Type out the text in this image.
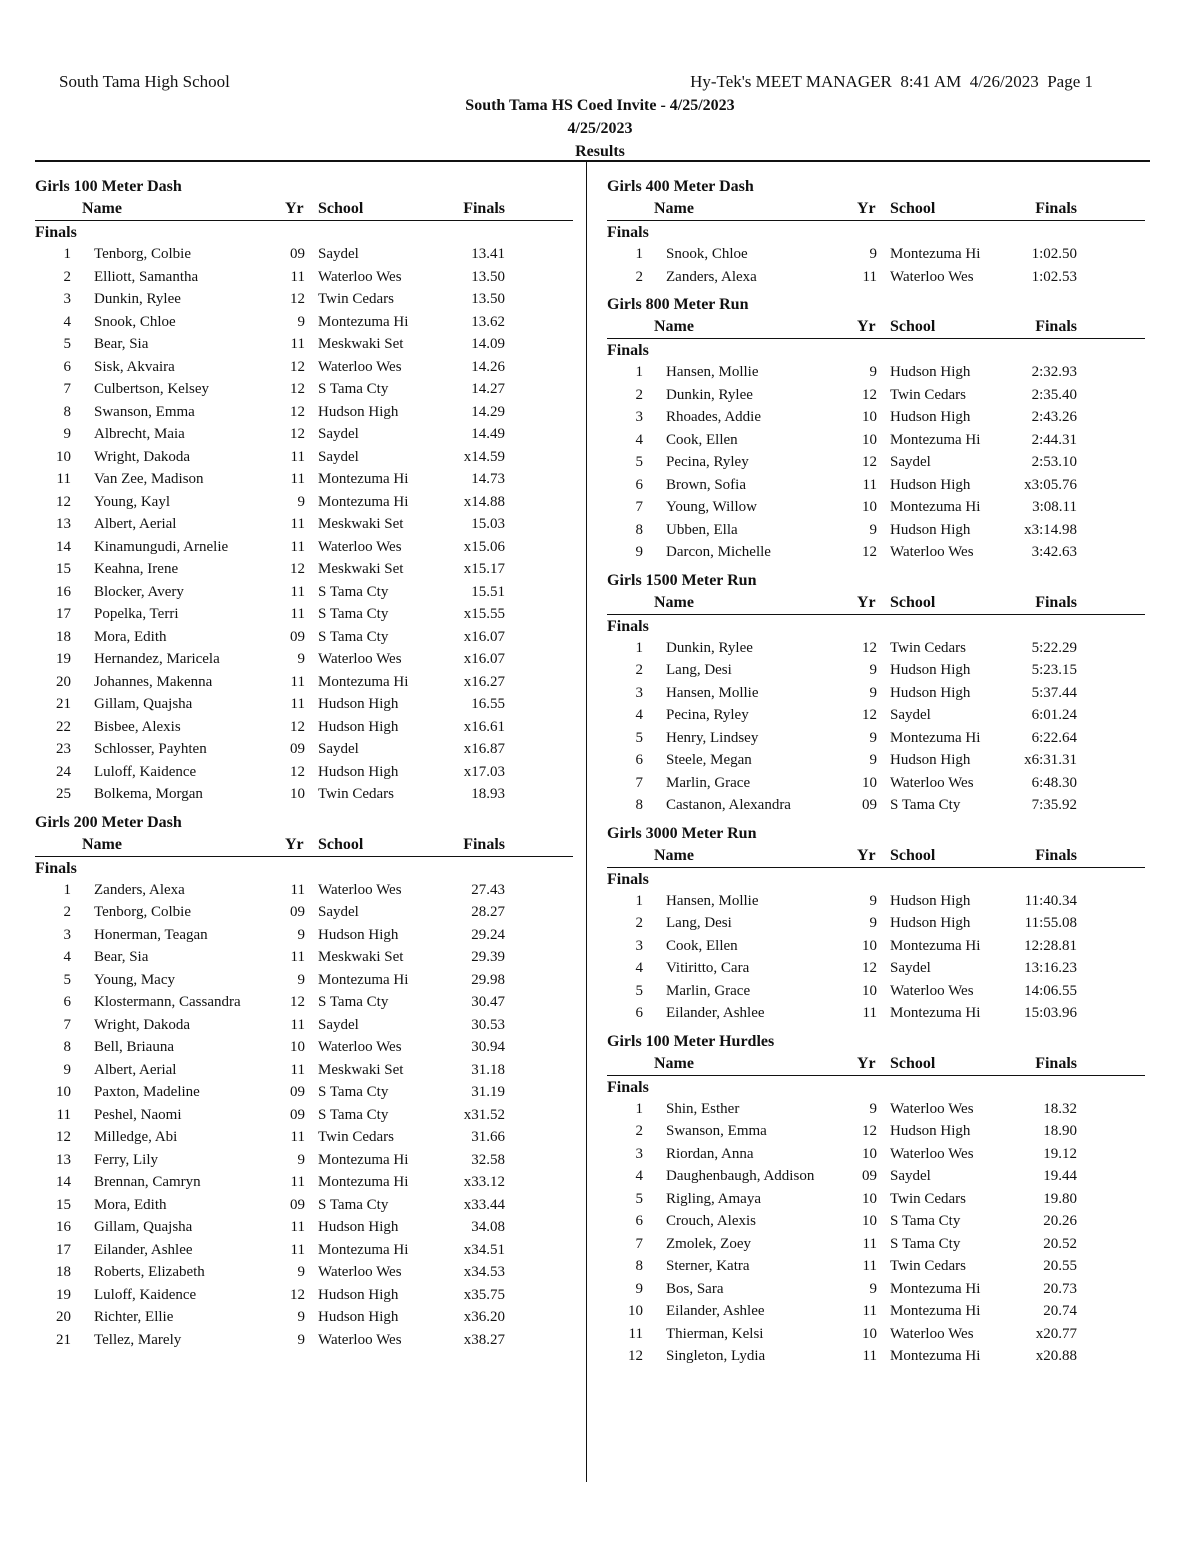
South Tama High School	Hy-Tek's MEET MANAGER  8:41 AM  4/26/2023  Page 1
South Tama HS Coed Invite - 4/25/2023
4/25/2023
Results
Girls 100 Meter Dash
Name	Yr School	Finals
Finals
1 Tenborg, Colbie	09 Saydel	13.41
2 Elliott, Samantha	11 Waterloo Wes	13.50
3 Dunkin, Rylee	12 Twin Cedars	13.50
4 Snook, Chloe	9 Montezuma Hi	13.62
5 Bear, Sia	11 Meskwaki Set	14.09
6 Sisk, Akvaira	12 Waterloo Wes	14.26
7 Culbertson, Kelsey	12 S Tama Cty	14.27
8 Swanson, Emma	12 Hudson High	14.29
9 Albrecht, Maia	12 Saydel	14.49
10 Wright, Dakoda	11 Saydel	x14.59
11 Van Zee, Madison	11 Montezuma Hi	14.73
12 Young, Kayl	9 Montezuma Hi	x14.88
13 Albert, Aerial	11 Meskwaki Set	15.03
14 Kinamungudi, Arnelie	11 Waterloo Wes	x15.06
15 Keahna, Irene	12 Meskwaki Set	x15.17
16 Blocker, Avery	11 S Tama Cty	15.51
17 Popelka, Terri	11 S Tama Cty	x15.55
18 Mora, Edith	09 S Tama Cty	x16.07
19 Hernandez, Maricela	9 Waterloo Wes	x16.07
20 Johannes, Makenna	11 Montezuma Hi	x16.27
21 Gillam, Quajsha	11 Hudson High	16.55
22 Bisbee, Alexis	12 Hudson High	x16.61
23 Schlosser, Payhten	09 Saydel	x16.87
24 Luloff, Kaidence	12 Hudson High	x17.03
25 Bolkema, Morgan	10 Twin Cedars	18.93
Girls 200 Meter Dash
Name	Yr School	Finals
Finals
1 Zanders, Alexa	11 Waterloo Wes	27.43
2 Tenborg, Colbie	09 Saydel	28.27
3 Honerman, Teagan	9 Hudson High	29.24
4 Bear, Sia	11 Meskwaki Set	29.39
5 Young, Macy	9 Montezuma Hi	29.98
6 Klostermann, Cassandra	12 S Tama Cty	30.47
7 Wright, Dakoda	11 Saydel	30.53
8 Bell, Briauna	10 Waterloo Wes	30.94
9 Albert, Aerial	11 Meskwaki Set	31.18
10 Paxton, Madeline	09 S Tama Cty	31.19
11 Peshel, Naomi	09 S Tama Cty	x31.52
12 Milledge, Abi	11 Twin Cedars	31.66
13 Ferry, Lily	9 Montezuma Hi	32.58
14 Brennan, Camryn	11 Montezuma Hi	x33.12
15 Mora, Edith	09 S Tama Cty	x33.44
16 Gillam, Quajsha	11 Hudson High	34.08
17 Eilander, Ashlee	11 Montezuma Hi	x34.51
18 Roberts, Elizabeth	9 Waterloo Wes	x34.53
19 Luloff, Kaidence	12 Hudson High	x35.75
20 Richter, Ellie	9 Hudson High	x36.20
21 Tellez, Marely	9 Waterloo Wes	x38.27
Girls 400 Meter Dash
Name	Yr School	Finals
Finals
1 Snook, Chloe	9 Montezuma Hi	1:02.50
2 Zanders, Alexa	11 Waterloo Wes	1:02.53
Girls 800 Meter Run
Name	Yr School	Finals
Finals
1 Hansen, Mollie	9 Hudson High	2:32.93
2 Dunkin, Rylee	12 Twin Cedars	2:35.40
3 Rhoades, Addie	10 Hudson High	2:43.26
4 Cook, Ellen	10 Montezuma Hi	2:44.31
5 Pecina, Ryley	12 Saydel	2:53.10
6 Brown, Sofia	11 Hudson High	x3:05.76
7 Young, Willow	10 Montezuma Hi	3:08.11
8 Ubben, Ella	9 Hudson High	x3:14.98
9 Darcon, Michelle	12 Waterloo Wes	3:42.63
Girls 1500 Meter Run
Name	Yr School	Finals
Finals
1 Dunkin, Rylee	12 Twin Cedars	5:22.29
2 Lang, Desi	9 Hudson High	5:23.15
3 Hansen, Mollie	9 Hudson High	5:37.44
4 Pecina, Ryley	12 Saydel	6:01.24
5 Henry, Lindsey	9 Montezuma Hi	6:22.64
6 Steele, Megan	9 Hudson High	x6:31.31
7 Marlin, Grace	10 Waterloo Wes	6:48.30
8 Castanon, Alexandra	09 S Tama Cty	7:35.92
Girls 3000 Meter Run
Name	Yr School	Finals
Finals
1 Hansen, Mollie	9 Hudson High	11:40.34
2 Lang, Desi	9 Hudson High	11:55.08
3 Cook, Ellen	10 Montezuma Hi	12:28.81
4 Vitiritto, Cara	12 Saydel	13:16.23
5 Marlin, Grace	10 Waterloo Wes	14:06.55
6 Eilander, Ashlee	11 Montezuma Hi	15:03.96
Girls 100 Meter Hurdles
Name	Yr School	Finals
Finals
1 Shin, Esther	9 Waterloo Wes	18.32
2 Swanson, Emma	12 Hudson High	18.90
3 Riordan, Anna	10 Waterloo Wes	19.12
4 Daughenbaugh, Addison	09 Saydel	19.44
5 Rigling, Amaya	10 Twin Cedars	19.80
6 Crouch, Alexis	10 S Tama Cty	20.26
7 Zmolek, Zoey	11 S Tama Cty	20.52
8 Sterner, Katra	11 Twin Cedars	20.55
9 Bos, Sara	9 Montezuma Hi	20.73
10 Eilander, Ashlee	11 Montezuma Hi	20.74
11 Thierman, Kelsi	10 Waterloo Wes	x20.77
12 Singleton, Lydia	11 Montezuma Hi	x20.88
